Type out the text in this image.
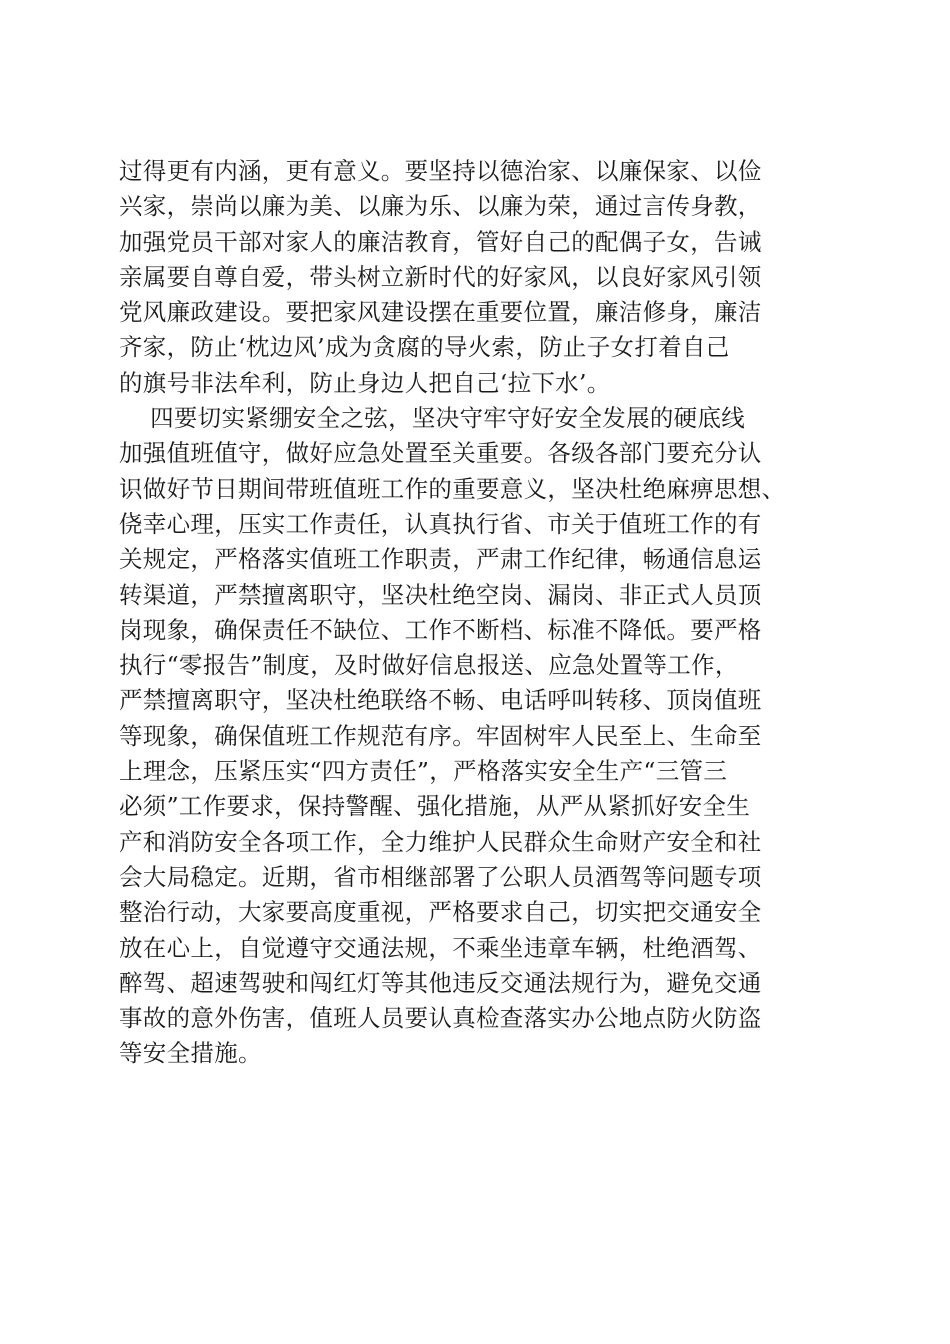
过得更有内涵，更有意义。要坚持以德治家、以廉保家、以俭
兴家，崇尚以廉为美、以廉为乐、以廉为荣，通过言传身教，
加强党员干部对家人的廉洁教育，管好自己的配偶子女，告诫
亲属要自尊自爱，带头树立新时代的好家风，以良好家风引领
党风廉政建设。要把家风建设摆在重要位置，廉洁修身，廉洁
齐家，防止‘枕边风’成为贪腐的导火索，防止子女打着自己
的旗号非法牟利，防止身边人把自己‘拉下水’。
四要切实紧绷安全之弦，坚决守牢守好安全发展的硬底线
加强值班值守，做好应急处置至关重要。各级各部门要充分认
识做好节日期间带班值班工作的重要意义，坚决杜绝麻痹思想、
侥幸心理，压实工作责任，认真执行省、市关于值班工作的有
关规定，严格落实值班工作职责，严肃工作纪律，畅通信息运
转渠道，严禁擅离职守，坚决杜绝空岗、漏岗、非正式人员顶
岗现象，确保责任不缺位、工作不断档、标准不降低。要严格
执行“零报告”制度，及时做好信息报送、应急处置等工作，
严禁擅离职守，坚决杜绝联络不畅、电话呼叫转移、顶岗值班
等现象，确保值班工作规范有序。牢固树牢人民至上、生命至
上理念，压紧压实“四方责任”，严格落实安全生产“三管三
必须”工作要求，保持警醒、强化措施，从严从紧抓好安全生
产和消防安全各项工作，全力维护人民群众生命财产安全和社
会大局稳定。近期，省市相继部署了公职人员酒驾等问题专项
整治行动，大家要高度重视，严格要求自己，切实把交通安全
放在心上，自觉遵守交通法规，不乘坐违章车辆，杜绝酒驾、
醉驾、超速驾驶和闯红灯等其他违反交通法规行为，避免交通
事故的意外伤害，值班人员要认真检查落实办公地点防火防盗
等安全措施。
